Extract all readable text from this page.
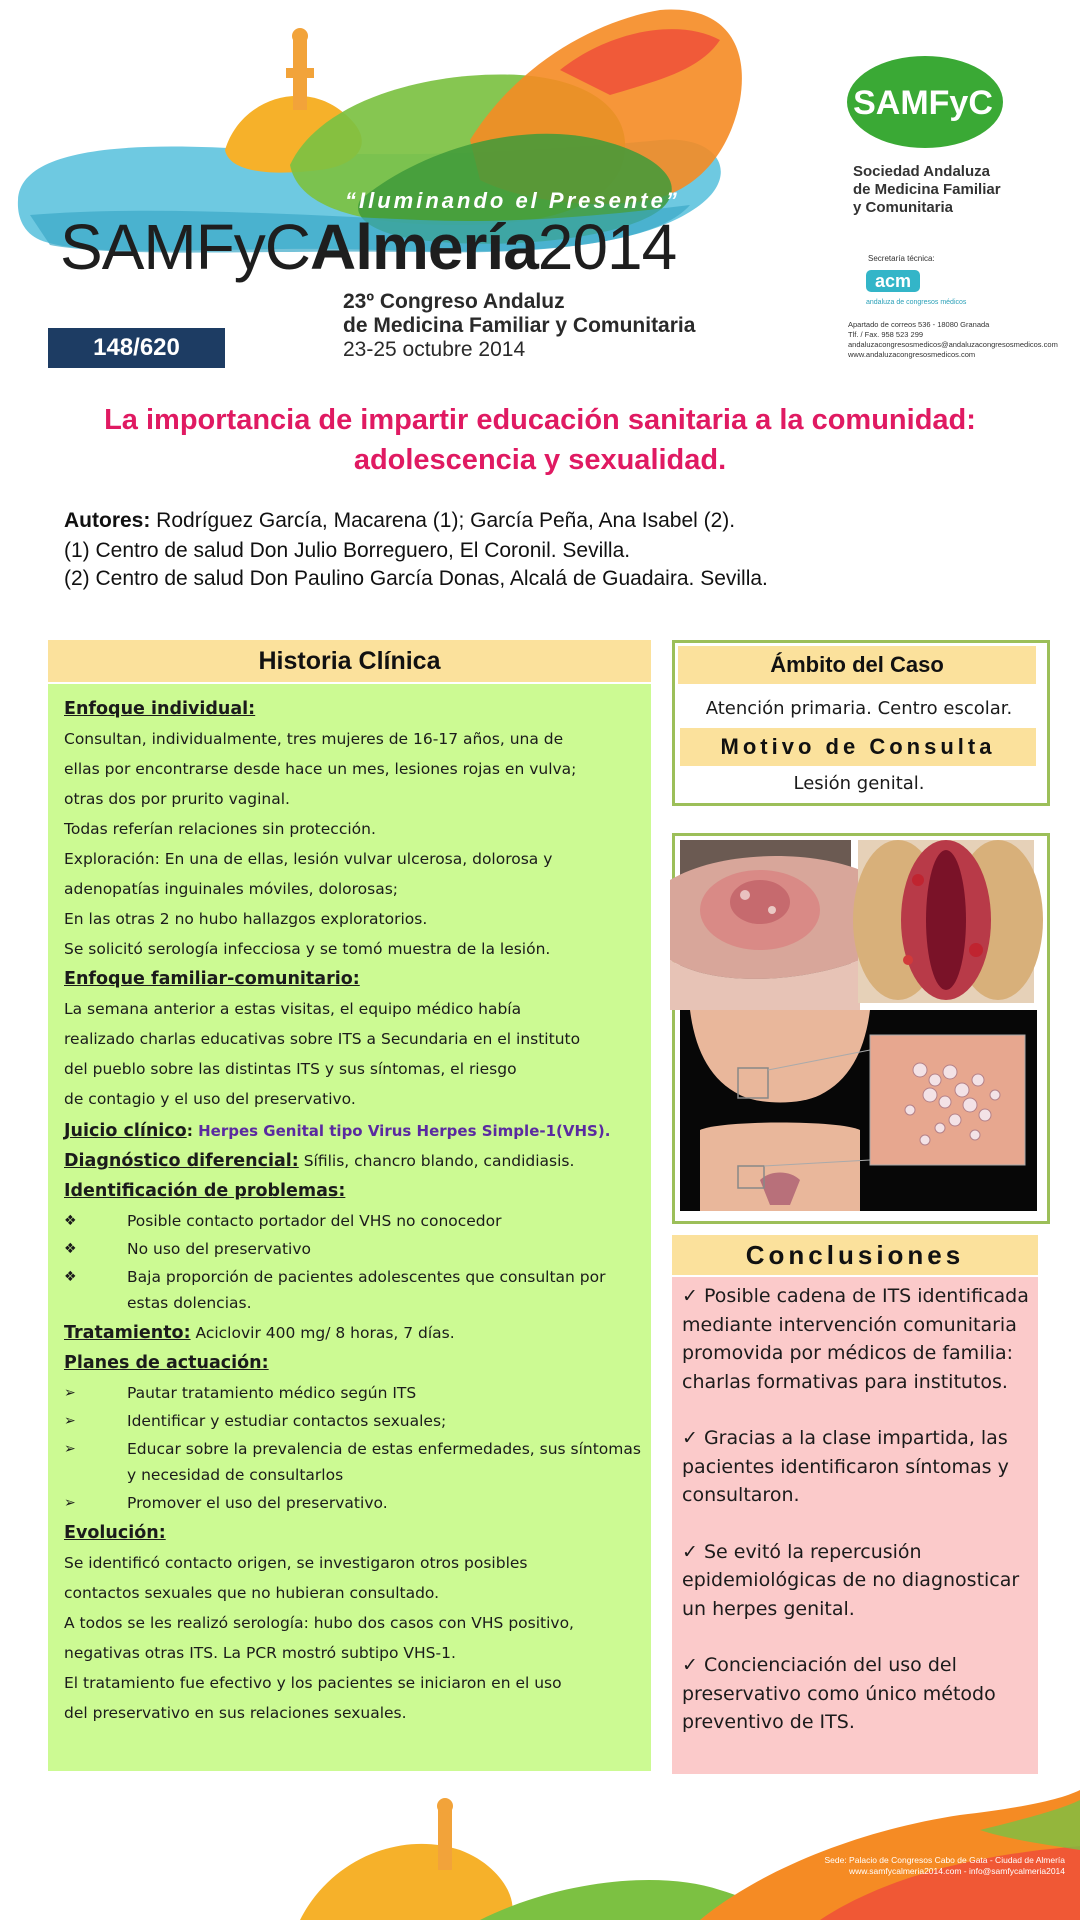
“Iluminando el Presente”
SAMFyCAlmería2014
23º Congreso Andaluz
de Medicina Familiar y Comunitaria
23-25 octubre 2014
148/620
SAMFyC
Sociedad Andaluza
de Medicina Familiar
y Comunitaria
Secretaría técnica:
acm
andaluza de congresos médicos
Apartado de correos 536 - 18080 Granada
Tlf. / Fax. 958 523 299
andaluzacongresosmedicos@andaluzacongresosmedicos.com
www.andaluzacongresosmedicos.com
La importancia de impartir educación sanitaria a la comunidad:
adolescencia y sexualidad.
Autores: Rodríguez García, Macarena (1); García Peña, Ana Isabel (2).
(1) Centro de salud Don Julio Borreguero, El Coronil. Sevilla.
(2) Centro de salud Don Paulino García Donas, Alcalá de Guadaira. Sevilla.
Historia Clínica
Enfoque individual:
Consultan, individualmente, tres mujeres de 16-17 años, una de
ellas por encontrarse desde hace un mes, lesiones rojas en vulva;
otras dos por prurito vaginal.
Todas referían relaciones sin protección.
Exploración: En una de ellas, lesión vulvar ulcerosa, dolorosa y
adenopatías inguinales móviles, dolorosas;
En las otras 2 no hubo hallazgos exploratorios.
Se solicitó serología infecciosa y se tomó muestra de la lesión.
Enfoque familiar-comunitario:
La semana anterior a estas visitas, el equipo médico había
realizado charlas educativas sobre ITS a Secundaria en el instituto
del pueblo sobre las distintas ITS y sus síntomas, el riesgo
de contagio y el uso del preservativo.
Juicio clínico: Herpes Genital tipo Virus Herpes Simple-1(VHS).
Diagnóstico diferencial: Sífilis, chancro blando, candidiasis.
Identificación de problemas:
❖	Posible contacto portador del VHS no conocedor
❖	No uso del preservativo
❖	Baja proporción de pacientes adolescentes que consultan por estas dolencias.
Tratamiento: Aciclovir 400 mg/ 8 horas, 7 días.
Planes de actuación:
➢	Pautar tratamiento médico según ITS
➢	Identificar y estudiar contactos sexuales;
➢	Educar sobre la prevalencia de estas enfermedades, sus síntomas y necesidad de consultarlos
➢	Promover el uso del preservativo.
Evolución:
Se identificó contacto origen, se investigaron otros posibles
contactos sexuales que no hubieran consultado.
A todos se les realizó serología: hubo dos casos con VHS positivo,
negativas otras ITS. La PCR mostró subtipo VHS-1.
El tratamiento fue efectivo y los pacientes se iniciaron en el uso
del preservativo en sus relaciones sexuales.
Ámbito del Caso
Atención primaria. Centro escolar.
Motivo de Consulta
Lesión genital.
Conclusiones

✓ Posible cadena de ITS identificada mediante intervención comunitaria promovida por médicos de familia: charlas formativas para institutos.

✓ Gracias a la clase impartida, las pacientes identificaron síntomas y consultaron.

✓ Se evitó la repercusión epidemiológicas de no diagnosticar un herpes genital.

✓ Concienciación del uso del preservativo como único método preventivo de ITS.

Sede: Palacio de Congresos Cabo de Gata - Ciudad de Almería
www.samfycalmeria2014.com - info@samfycalmeria2014
